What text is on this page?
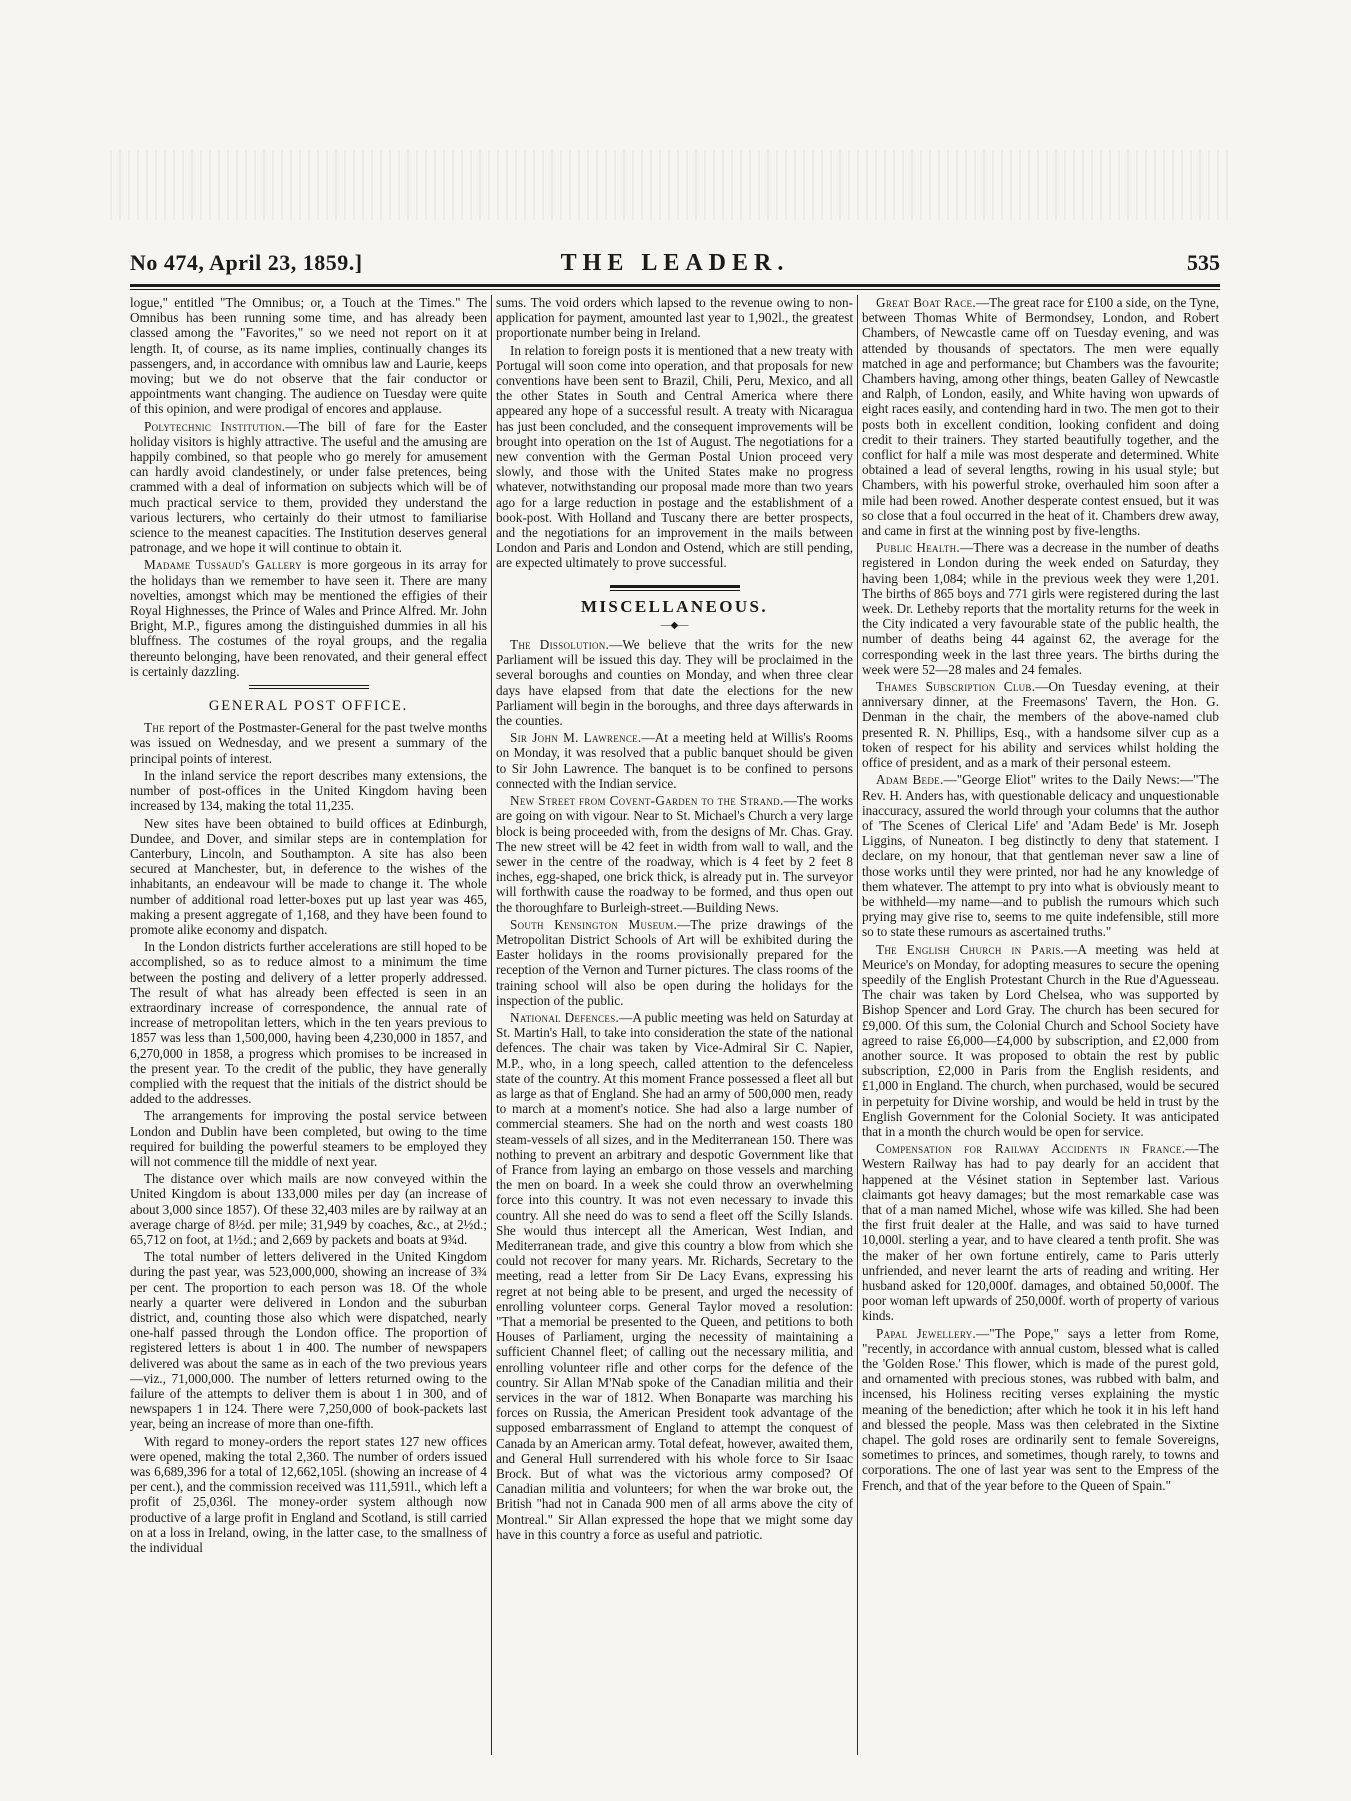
No 474, April 23, 1859.]	THE LEADER.	535

logue," entitled "The Omnibus; or, a Touch at the Times." The Omnibus has been running some time, and has already been classed among the "Favorites," so we need not report on it at length. It, of course, as its name implies, continually changes its passengers, and, in accordance with omnibus law and Laurie, keeps moving; but we do not observe that the fair conductor or appointments want changing. The audience on Tuesday were quite of this opinion, and were prodigal of encores and applause.

Polytechnic Institution.—The bill of fare for the Easter holiday visitors is highly attractive. The useful and the amusing are happily combined, so that people who go merely for amusement can hardly avoid clandestinely, or under false pretences, being crammed with a deal of information on subjects which will be of much practical service to them, provided they understand the various lecturers, who certainly do their utmost to familiarise science to the meanest capacities. The Institution deserves general patronage, and we hope it will continue to obtain it.

Madame Tussaud's Gallery is more gorgeous in its array for the holidays than we remember to have seen it. There are many novelties, amongst which may be mentioned the effigies of their Royal Highnesses, the Prince of Wales and Prince Alfred. Mr. John Bright, M.P., figures among the distinguished dummies in all his bluffness. The costumes of the royal groups, and the regalia thereunto belonging, have been renovated, and their general effect is certainly dazzling.

GENERAL POST OFFICE.

The report of the Postmaster-General for the past twelve months was issued on Wednesday, and we present a summary of the principal points of interest.

In the inland service the report describes many extensions, the number of post-offices in the United Kingdom having been increased by 134, making the total 11,235.

New sites have been obtained to build offices at Edinburgh, Dundee, and Dover, and similar steps are in contemplation for Canterbury, Lincoln, and Southampton. A site has also been secured at Manchester, but, in deference to the wishes of the inhabitants, an endeavour will be made to change it. The whole number of additional road letter-boxes put up last year was 465, making a present aggregate of 1,168, and they have been found to promote alike economy and dispatch.

In the London districts further accelerations are still hoped to be accomplished, so as to reduce almost to a minimum the time between the posting and delivery of a letter properly addressed. The result of what has already been effected is seen in an extraordinary increase of correspondence, the annual rate of increase of metropolitan letters, which in the ten years previous to 1857 was less than 1,500,000, having been 4,230,000 in 1857, and 6,270,000 in 1858, a progress which promises to be increased in the present year. To the credit of the public, they have generally complied with the request that the initials of the district should be added to the addresses.

The arrangements for improving the postal service between London and Dublin have been completed, but owing to the time required for building the powerful steamers to be employed they will not commence till the middle of next year.

The distance over which mails are now conveyed within the United Kingdom is about 133,000 miles per day (an increase of about 3,000 since 1857). Of these 32,403 miles are by railway at an average charge of 8½d. per mile; 31,949 by coaches, &c., at 2½d.; 65,712 on foot, at 1½d.; and 2,669 by packets and boats at 9¾d.

The total number of letters delivered in the United Kingdom during the past year, was 523,000,000, showing an increase of 3¾ per cent. The proportion to each person was 18. Of the whole nearly a quarter were delivered in London and the suburban district, and, counting those also which were dispatched, nearly one-half passed through the London office. The proportion of registered letters is about 1 in 400. The number of newspapers delivered was about the same as in each of the two previous years—viz., 71,000,000. The number of letters returned owing to the failure of the attempts to deliver them is about 1 in 300, and of newspapers 1 in 124. There were 7,250,000 of book-packets last year, being an increase of more than one-fifth.

With regard to money-orders the report states 127 new offices were opened, making the total 2,360. The number of orders issued was 6,689,396 for a total of 12,662,105l. (showing an increase of 4 per cent.), and the commission received was 111,591l., which left a profit of 25,036l. The money-order system although now productive of a large profit in England and Scotland, is still carried on at a loss in Ireland, owing, in the latter case, to the smallness of the individual

sums. The void orders which lapsed to the revenue owing to non-application for payment, amounted last year to 1,902l., the greatest proportionate number being in Ireland.

In relation to foreign posts it is mentioned that a new treaty with Portugal will soon come into operation, and that proposals for new conventions have been sent to Brazil, Chili, Peru, Mexico, and all the other States in South and Central America where there appeared any hope of a successful result. A treaty with Nicaragua has just been concluded, and the consequent improvements will be brought into operation on the 1st of August. The negotiations for a new convention with the German Postal Union proceed very slowly, and those with the United States make no progress whatever, notwithstanding our proposal made more than two years ago for a large reduction in postage and the establishment of a book-post. With Holland and Tuscany there are better prospects, and the negotiations for an improvement in the mails between London and Paris and London and Ostend, which are still pending, are expected ultimately to prove successful.

MISCELLANEOUS.

—◆—

The Dissolution.—We believe that the writs for the new Parliament will be issued this day. They will be proclaimed in the several boroughs and counties on Monday, and when three clear days have elapsed from that date the elections for the new Parliament will begin in the boroughs, and three days afterwards in the counties.

Sir John M. Lawrence.—At a meeting held at Willis's Rooms on Monday, it was resolved that a public banquet should be given to Sir John Lawrence. The banquet is to be confined to persons connected with the Indian service.

New Street from Covent-Garden to the Strand.—The works are going on with vigour. Near to St. Michael's Church a very large block is being proceeded with, from the designs of Mr. Chas. Gray. The new street will be 42 feet in width from wall to wall, and the sewer in the centre of the roadway, which is 4 feet by 2 feet 8 inches, egg-shaped, one brick thick, is already put in. The surveyor will forthwith cause the roadway to be formed, and thus open out the thoroughfare to Burleigh-street.—Building News.

South Kensington Museum.—The prize drawings of the Metropolitan District Schools of Art will be exhibited during the Easter holidays in the rooms provisionally prepared for the reception of the Vernon and Turner pictures. The class rooms of the training school will also be open during the holidays for the inspection of the public.

National Defences.—A public meeting was held on Saturday at St. Martin's Hall, to take into consideration the state of the national defences. The chair was taken by Vice-Admiral Sir C. Napier, M.P., who, in a long speech, called attention to the defenceless state of the country. At this moment France possessed a fleet all but as large as that of England. She had an army of 500,000 men, ready to march at a moment's notice. She had also a large number of commercial steamers. She had on the north and west coasts 180 steam-vessels of all sizes, and in the Mediterranean 150. There was nothing to prevent an arbitrary and despotic Government like that of France from laying an embargo on those vessels and marching the men on board. In a week she could throw an overwhelming force into this country. It was not even necessary to invade this country. All she need do was to send a fleet off the Scilly Islands. She would thus intercept all the American, West Indian, and Mediterranean trade, and give this country a blow from which she could not recover for many years. Mr. Richards, Secretary to the meeting, read a letter from Sir De Lacy Evans, expressing his regret at not being able to be present, and urged the necessity of enrolling volunteer corps. General Taylor moved a resolution: "That a memorial be presented to the Queen, and petitions to both Houses of Parliament, urging the necessity of maintaining a sufficient Channel fleet; of calling out the necessary militia, and enrolling volunteer rifle and other corps for the defence of the country. Sir Allan M'Nab spoke of the Canadian militia and their services in the war of 1812. When Bonaparte was marching his forces on Russia, the American President took advantage of the supposed embarrassment of England to attempt the conquest of Canada by an American army. Total defeat, however, awaited them, and General Hull surrendered with his whole force to Sir Isaac Brock. But of what was the victorious army composed? Of Canadian militia and volunteers; for when the war broke out, the British "had not in Canada 900 men of all arms above the city of Montreal." Sir Allan expressed the hope that we might some day have in this country a force as useful and patriotic.

Great Boat Race.—The great race for £100 a side, on the Tyne, between Thomas White of Bermondsey, London, and Robert Chambers, of Newcastle came off on Tuesday evening, and was attended by thousands of spectators. The men were equally matched in age and performance; but Chambers was the favourite; Chambers having, among other things, beaten Galley of Newcastle and Ralph, of London, easily, and White having won upwards of eight races easily, and contending hard in two. The men got to their posts both in excellent condition, looking confident and doing credit to their trainers. They started beautifully together, and the conflict for half a mile was most desperate and determined. White obtained a lead of several lengths, rowing in his usual style; but Chambers, with his powerful stroke, overhauled him soon after a mile had been rowed. Another desperate contest ensued, but it was so close that a foul occurred in the heat of it. Chambers drew away, and came in first at the winning post by five-lengths.

Public Health.—There was a decrease in the number of deaths registered in London during the week ended on Saturday, they having been 1,084; while in the previous week they were 1,201. The births of 865 boys and 771 girls were registered during the last week. Dr. Letheby reports that the mortality returns for the week in the City indicated a very favourable state of the public health, the number of deaths being 44 against 62, the average for the corresponding week in the last three years. The births during the week were 52—28 males and 24 females.

Thames Subscription Club.—On Tuesday evening, at their anniversary dinner, at the Freemasons' Tavern, the Hon. G. Denman in the chair, the members of the above-named club presented R. N. Phillips, Esq., with a handsome silver cup as a token of respect for his ability and services whilst holding the office of president, and as a mark of their personal esteem.

Adam Bede.—"George Eliot" writes to the Daily News:—"The Rev. H. Anders has, with questionable delicacy and unquestionable inaccuracy, assured the world through your columns that the author of 'The Scenes of Clerical Life' and 'Adam Bede' is Mr. Joseph Liggins, of Nuneaton. I beg distinctly to deny that statement. I declare, on my honour, that that gentleman never saw a line of those works until they were printed, nor had he any knowledge of them whatever. The attempt to pry into what is obviously meant to be withheld—my name—and to publish the rumours which such prying may give rise to, seems to me quite indefensible, still more so to state these rumours as ascertained truths."

The English Church in Paris.—A meeting was held at Meurice's on Monday, for adopting measures to secure the opening speedily of the English Protestant Church in the Rue d'Aguesseau. The chair was taken by Lord Chelsea, who was supported by Bishop Spencer and Lord Gray. The church has been secured for £9,000. Of this sum, the Colonial Church and School Society have agreed to raise £6,000—£4,000 by subscription, and £2,000 from another source. It was proposed to obtain the rest by public subscription, £2,000 in Paris from the English residents, and £1,000 in England. The church, when purchased, would be secured in perpetuity for Divine worship, and would be held in trust by the English Government for the Colonial Society. It was anticipated that in a month the church would be open for service.

Compensation for Railway Accidents in France.—The Western Railway has had to pay dearly for an accident that happened at the Vésinet station in September last. Various claimants got heavy damages; but the most remarkable case was that of a man named Michel, whose wife was killed. She had been the first fruit dealer at the Halle, and was said to have turned 10,000l. sterling a year, and to have cleared a tenth profit. She was the maker of her own fortune entirely, came to Paris utterly unfriended, and never learnt the arts of reading and writing. Her husband asked for 120,000f. damages, and obtained 50,000f. The poor woman left upwards of 250,000f. worth of property of various kinds.

Papal Jewellery.—"The Pope," says a letter from Rome, "recently, in accordance with annual custom, blessed what is called the 'Golden Rose.' This flower, which is made of the purest gold, and ornamented with precious stones, was rubbed with balm, and incensed, his Holiness reciting verses explaining the mystic meaning of the benediction; after which he took it in his left hand and blessed the people. Mass was then celebrated in the Sixtine chapel. The gold roses are ordinarily sent to female Sovereigns, sometimes to princes, and sometimes, though rarely, to towns and corporations. The one of last year was sent to the Empress of the French, and that of the year before to the Queen of Spain."
